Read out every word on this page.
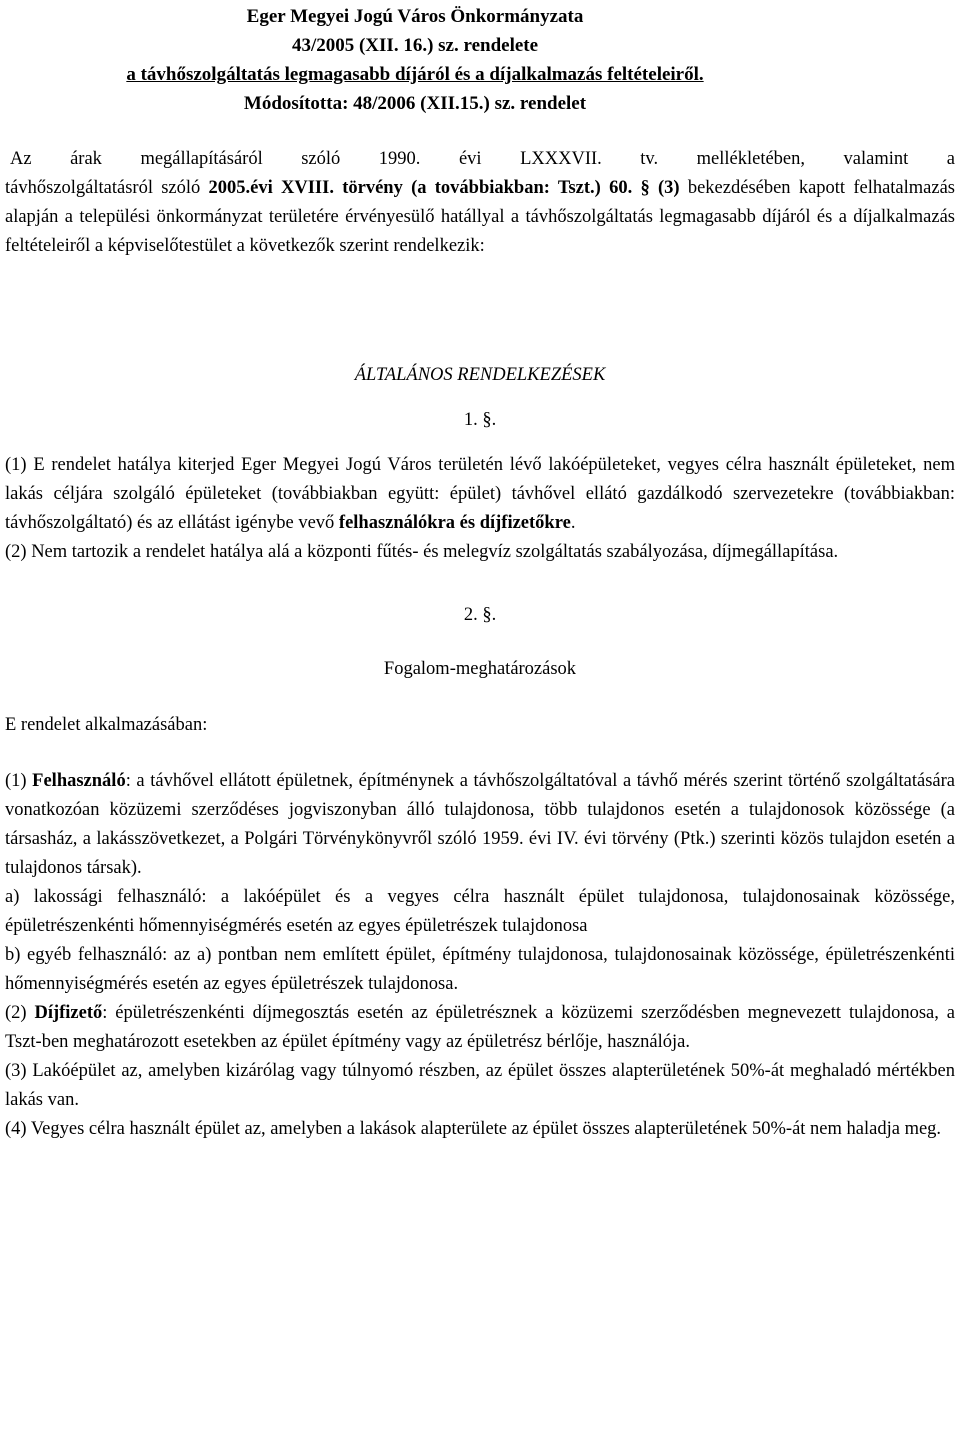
Eger Megyei Jogú Város Önkormányzata
43/2005 (XII. 16.) sz. rendelete
a távhőszolgáltatás legmagasabb díjáról és a díjalkalmazás feltételeiről.
Módosította: 48/2006 (XII.15.) sz. rendelet
Az árak megállapításáról szóló 1990. évi LXXXVII. tv. mellékletében, valamint a
távhőszolgáltatásról szóló 2005.évi XVIII. törvény (a továbbiakban: Tszt.) 60. § (3) bekezdésében kapott felhatalmazás alapján a települési önkormányzat területére érvényesülő hatállyal a távhőszolgáltatás legmagasabb díjáról és a díjalkalmazás feltételeiről a képviselőtestület a következők szerint rendelkezik:
ÁLTALÁNOS RENDELKEZÉSEK
1. §.
(1) E rendelet hatálya kiterjed Eger Megyei Jogú Város területén lévő lakóépületeket, vegyes célra használt épületeket, nem lakás céljára szolgáló épületeket (továbbiakban együtt: épület) távhővel ellátó gazdálkodó szervezetekre (továbbiakban: távhőszolgáltató) és az ellátást igénybe vevő felhasználókra és díjfizetőkre.
(2) Nem tartozik a rendelet hatálya alá a központi fűtés- és melegvíz szolgáltatás szabályozása, díjmegállapítása.
2. §.
Fogalom-meghatározások
E rendelet alkalmazásában:
(1) Felhasználó: a távhővel ellátott épületnek, építménynek a távhőszolgáltatóval a távhő mérés szerint történő szolgáltatására vonatkozóan közüzemi szerződéses jogviszonyban álló tulajdonosa, több tulajdonos esetén a tulajdonosok közössége (a társasház, a lakásszövetkezet, a Polgári Törvénykönyvről szóló 1959. évi IV. évi törvény (Ptk.) szerinti közös tulajdon esetén a tulajdonos társak).
a) lakossági felhasználó: a lakóépület és a vegyes célra használt épület tulajdonosa, tulajdonosainak közössége, épületrészenkénti hőmennyiségmérés esetén az egyes épületrészek tulajdonosa
b) egyéb felhasználó: az a) pontban nem említett épület, építmény tulajdonosa, tulajdonosainak közössége, épületrészenkénti hőmennyiségmérés esetén az egyes épületrészek tulajdonosa.
(2) Díjfizető: épületrészenkénti díjmegosztás esetén az épületrésznek a közüzemi szerződésben megnevezett tulajdonosa, a Tszt-ben meghatározott esetekben az épület építmény vagy az épületrész bérlője, használója.
(3) Lakóépület az, amelyben kizárólag vagy túlnyomó részben, az épület összes alapterületének 50%-át meghaladó mértékben lakás van.
(4) Vegyes célra használt épület az, amelyben a lakások alapterülete az épület összes alapterületének 50%-át nem haladja meg.
